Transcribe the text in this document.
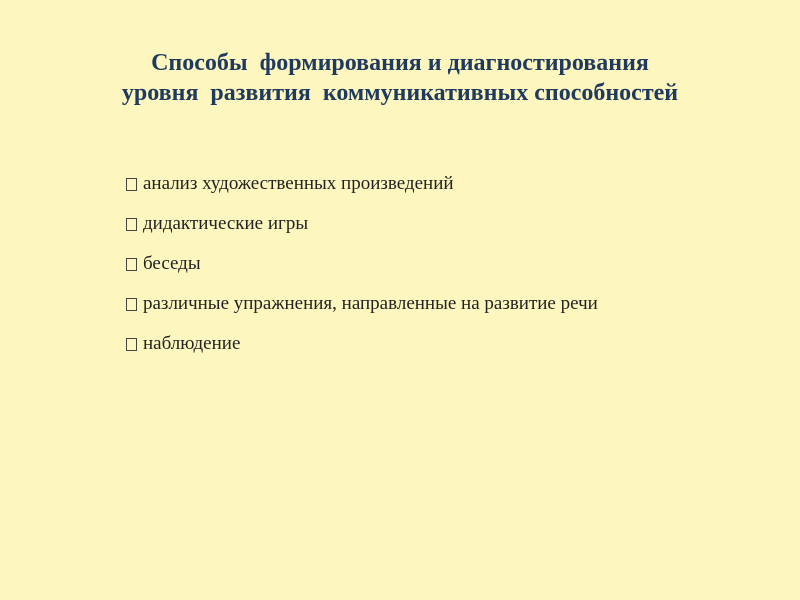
Способы  формирования и диагностирования
уровня  развития  коммуникативных способностей
анализ художественных произведений
дидактические игры
беседы
различные упражнения, направленные на развитие речи
наблюдение
